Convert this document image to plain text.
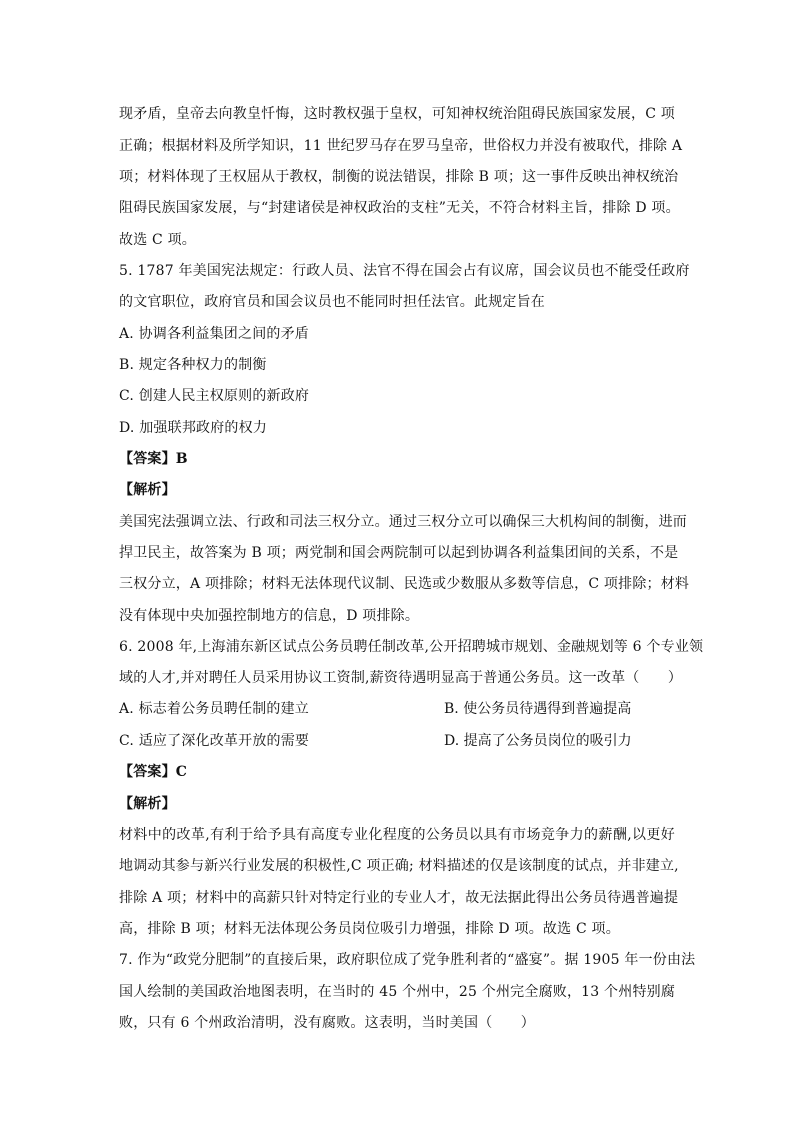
现矛盾，皇帝去向教皇忏悔，这时教权强于皇权，可知神权统治阻碍民族国家发展，C 项
正确；根据材料及所学知识，11 世纪罗马存在罗马皇帝，世俗权力并没有被取代，排除 A
项；材料体现了王权屈从于教权，制衡的说法错误，排除 B 项；这一事件反映出神权统治
阻碍民族国家发展，与“封建诸侯是神权政治的支柱”无关，不符合材料主旨，排除 D 项。
故选 C 项。
5. 1787 年美国宪法规定：行政人员、法官不得在国会占有议席，国会议员也不能受任政府
的文官职位，政府官员和国会议员也不能同时担任法官。此规定旨在
A. 协调各利益集团之间的矛盾
B. 规定各种权力的制衡
C. 创建人民主权原则的新政府
D. 加强联邦政府的权力
【答案】B
【解析】
美国宪法强调立法、行政和司法三权分立。通过三权分立可以确保三大机构间的制衡，进而
捍卫民主，故答案为 B 项；两党制和国会两院制可以起到协调各利益集团间的关系，不是
三权分立，A 项排除；材料无法体现代议制、民选或少数服从多数等信息，C 项排除；材料
没有体现中央加强控制地方的信息，D 项排除。
6. 2008 年,上海浦东新区试点公务员聘任制改革,公开招聘城市规划、金融规划等 6 个专业领
域的人才,并对聘任人员采用协议工资制,薪资待遇明显高于普通公务员。这一改革（　　）
A. 标志着公务员聘任制的建立	B. 使公务员待遇得到普遍提高
C. 适应了深化改革开放的需要	D. 提高了公务员岗位的吸引力
【答案】C
【解析】
材料中的改革,有利于给予具有高度专业化程度的公务员以具有市场竞争力的薪酬,以更好
地调动其参与新兴行业发展的积极性,C 项正确; 材料描述的仅是该制度的试点，并非建立,
排除 A 项；材料中的高薪只针对特定行业的专业人才，故无法据此得出公务员待遇普遍提
高，排除 B 项；材料无法体现公务员岗位吸引力增强，排除 D 项。故选 C 项。
7. 作为“政党分肥制”的直接后果，政府职位成了党争胜利者的“盛宴”。据 1905 年一份由法
国人绘制的美国政治地图表明，在当时的 45 个州中，25 个州完全腐败，13 个州特别腐
败，只有 6 个州政治清明，没有腐败。这表明，当时美国（　　）
